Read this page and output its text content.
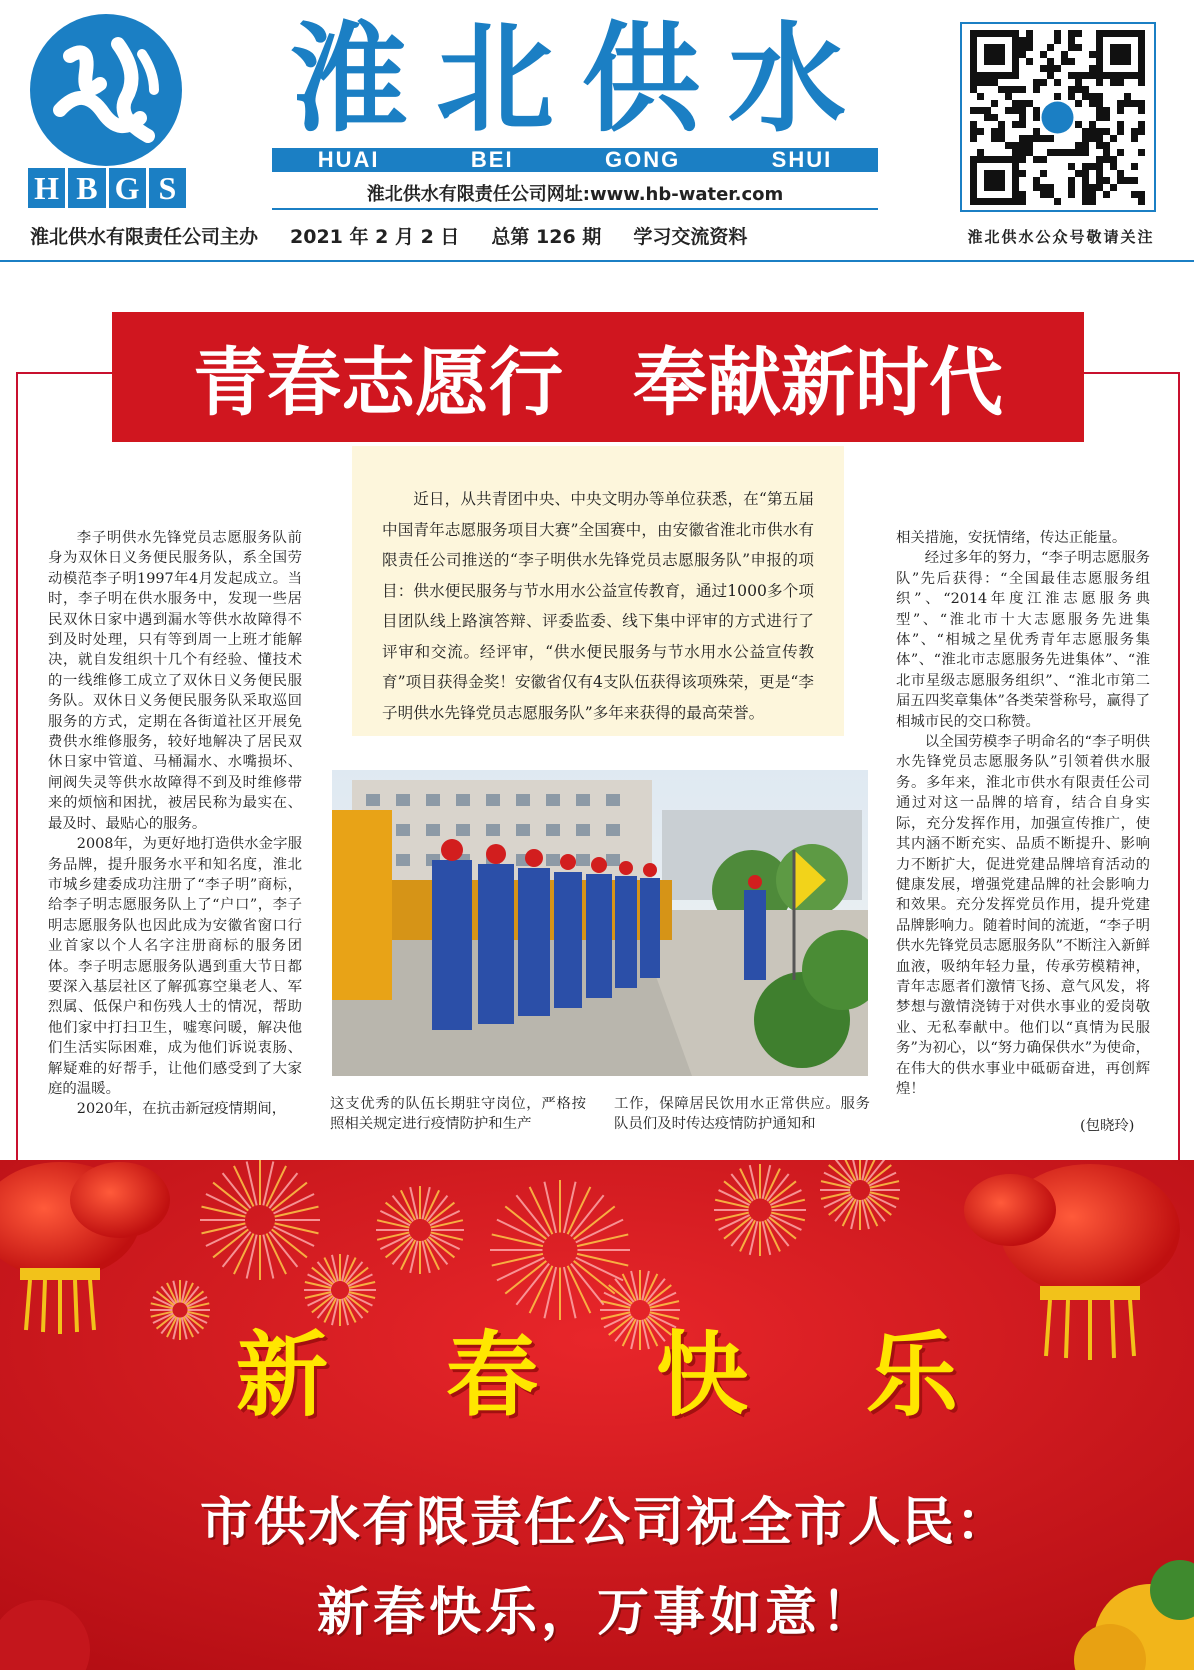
H B G S
淮北供水
HUAI	BEI	GONG	SHUI
淮北供水有限责任公司网址:www.hb-water.com
淮北供水有限责任公司主办 2021 年 2 月 2 日 总第 126 期 学习交流资料	淮北供水公众号敬请关注
青春志愿行 奉献新时代
近日，从共青团中央、中央文明办等单位获悉，在“第五届中国青年志愿服务项目大赛”全国赛中，由安徽省淮北市供水有限责任公司推送的“李子明供水先锋党员志愿服务队”申报的项目：供水便民服务与节水用水公益宣传教育，通过1000多个项目团队线上路演答辩、评委监委、线下集中评审的方式进行了评审和交流。经评审，“供水便民服务与节水用水公益宣传教育”项目获得金奖！安徽省仅有4支队伍获得该项殊荣，更是“李子明供水先锋党员志愿服务队”多年来获得的最高荣誉。

李子明供水先锋党员志愿服务队前身为双休日义务便民服务队，系全国劳动模范李子明1997年4月发起成立。当时，李子明在供水服务中，发现一些居民双休日家中遇到漏水等供水故障得不到及时处理，只有等到周一上班才能解决，就自发组织十几个有经验、懂技术的一线维修工成立了双休日义务便民服务队。双休日义务便民服务队采取巡回服务的方式，定期在各街道社区开展免费供水维修服务，较好地解决了居民双休日家中管道、马桶漏水、水嘴损坏、闸阀失灵等供水故障得不到及时维修带来的烦恼和困扰，被居民称为最实在、最及时、最贴心的服务。

2008年，为更好地打造供水金字服务品牌，提升服务水平和知名度，淮北市城乡建委成功注册了“李子明”商标，给李子明志愿服务队上了“户口”，李子明志愿服务队也因此成为安徽省窗口行业首家以个人名字注册商标的服务团体。李子明志愿服务队遇到重大节日都要深入基层社区了解孤寡空巢老人、军烈属、低保户和伤残人士的情况，帮助他们家中打扫卫生，嘘寒问暖，解决他们生活实际困难，成为他们诉说衷肠、解疑难的好帮手，让他们感受到了大家庭的温暖。

2020年，在抗击新冠疫情期间，	这支优秀的队伍长期驻守岗位，严格按照相关规定进行疫情防护和生产

工作，保障居民饮用水正常供应。服务队员们及时传达疫情防护通知和

相关措施，安抚情绪，传达正能量。

经过多年的努力，“李子明志愿服务队”先后获得：“全国最佳志愿服务组织”、“2014年度江淮志愿服务典型”、“淮北市十大志愿服务先进集体”、“相城之星优秀青年志愿服务集体”、“淮北市志愿服务先进集体”、“淮北市星级志愿服务组织”、“淮北市第二届五四奖章集体”各类荣誉称号，赢得了相城市民的交口称赞。

以全国劳模李子明命名的“李子明供水先锋党员志愿服务队”引领着供水服务。多年来，淮北市供水有限责任公司通过对这一品牌的培育，结合自身实际，充分发挥作用，加强宣传推广，使其内涵不断充实、品质不断提升、影响力不断扩大，促进党建品牌培育活动的健康发展，增强党建品牌的社会影响力和效果。充分发挥党员作用，提升党建品牌影响力。随着时间的流逝，“李子明供水先锋党员志愿服务队”不断注入新鲜血液，吸纳年轻力量，传承劳模精神，青年志愿者们激情飞扬、意气风发，将梦想与激情浇铸于对供水事业的爱岗敬业、无私奉献中。他们以“真情为民服务”为初心，以“努力确保供水”为使命，在伟大的供水事业中砥砺奋进，再创辉煌！

(包晓玲)
新 春 快 乐
市供水有限责任公司祝全市人民：
新春快乐，万事如意！
